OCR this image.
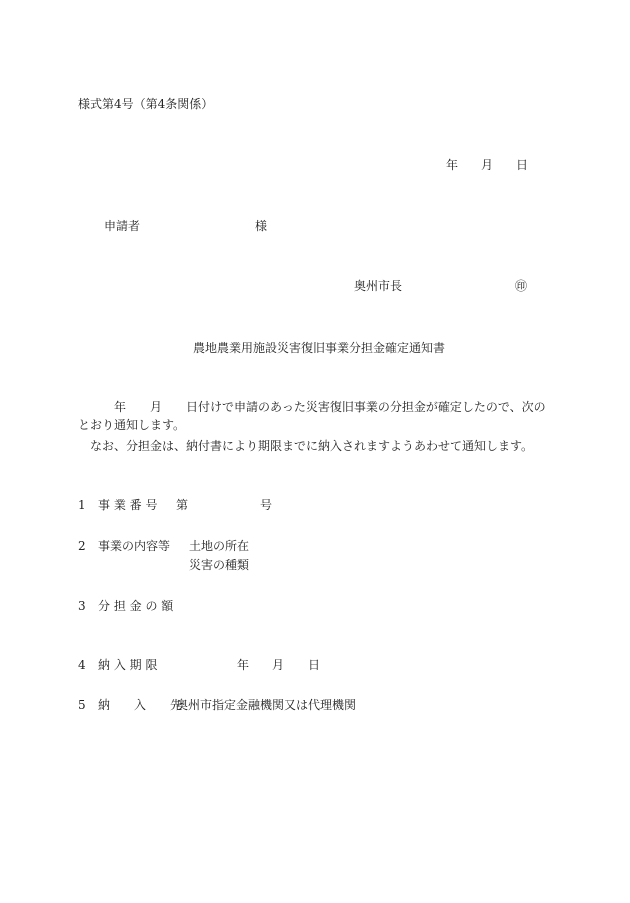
様式第4号（第4条関係）
年 月 日
申請者	様
奥州市長	㊞
農地農業用施設災害復旧事業分担金確定通知書

年 月 日付けで申請のあった災害復旧事業の分担金が確定したので、次のとおり通知します。

なお、分担金は、納付書により期限までに納入されますようあわせて通知します。

1 事 業 番 号 第	号
2 事業の内容等 土地の所在
災害の種類
3 分 担 金 の 額
4 納 入 期 限	年 月 日
5 納　　入　　先
奥州市指定金融機関又は代理機関
